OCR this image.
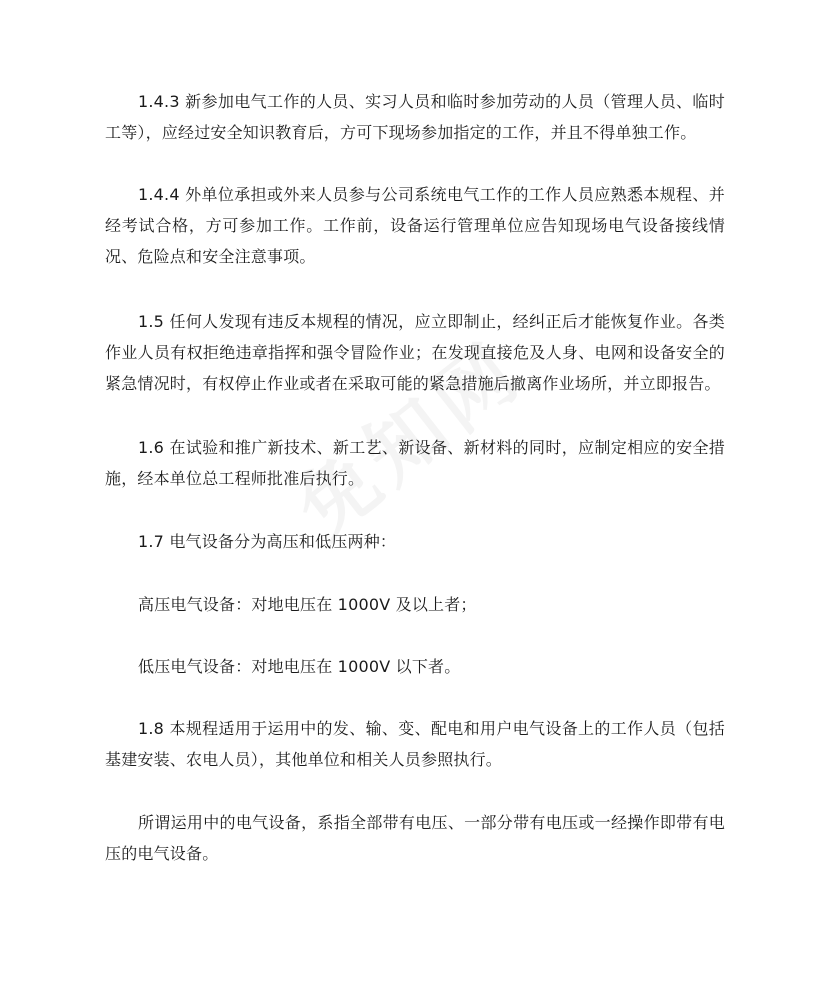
1.4.3 新参加电气工作的人员、实习人员和临时参加劳动的人员（管理人员、临时工等），应经过安全知识教育后，方可下现场参加指定的工作，并且不得单独工作。

1.4.4 外单位承担或外来人员参与公司系统电气工作的工作人员应熟悉本规程、并经考试合格，方可参加工作。工作前，设备运行管理单位应告知现场电气设备接线情况、危险点和安全注意事项。

1.5 任何人发现有违反本规程的情况，应立即制止，经纠正后才能恢复作业。各类作业人员有权拒绝违章指挥和强令冒险作业；在发现直接危及人身、电网和设备安全的紧急情况时，有权停止作业或者在采取可能的紧急措施后撤离作业场所，并立即报告。

1.6 在试验和推广新技术、新工艺、新设备、新材料的同时，应制定相应的安全措施，经本单位总工程师批准后执行。

1.7 电气设备分为高压和低压两种：

高压电气设备：对地电压在 1000V 及以上者；

低压电气设备：对地电压在 1000V 以下者。

1.8 本规程适用于运用中的发、输、变、配电和用户电气设备上的工作人员（包括基建安装、农电人员），其他单位和相关人员参照执行。

所谓运用中的电气设备，系指全部带有电压、一部分带有电压或一经操作即带有电压的电气设备。
